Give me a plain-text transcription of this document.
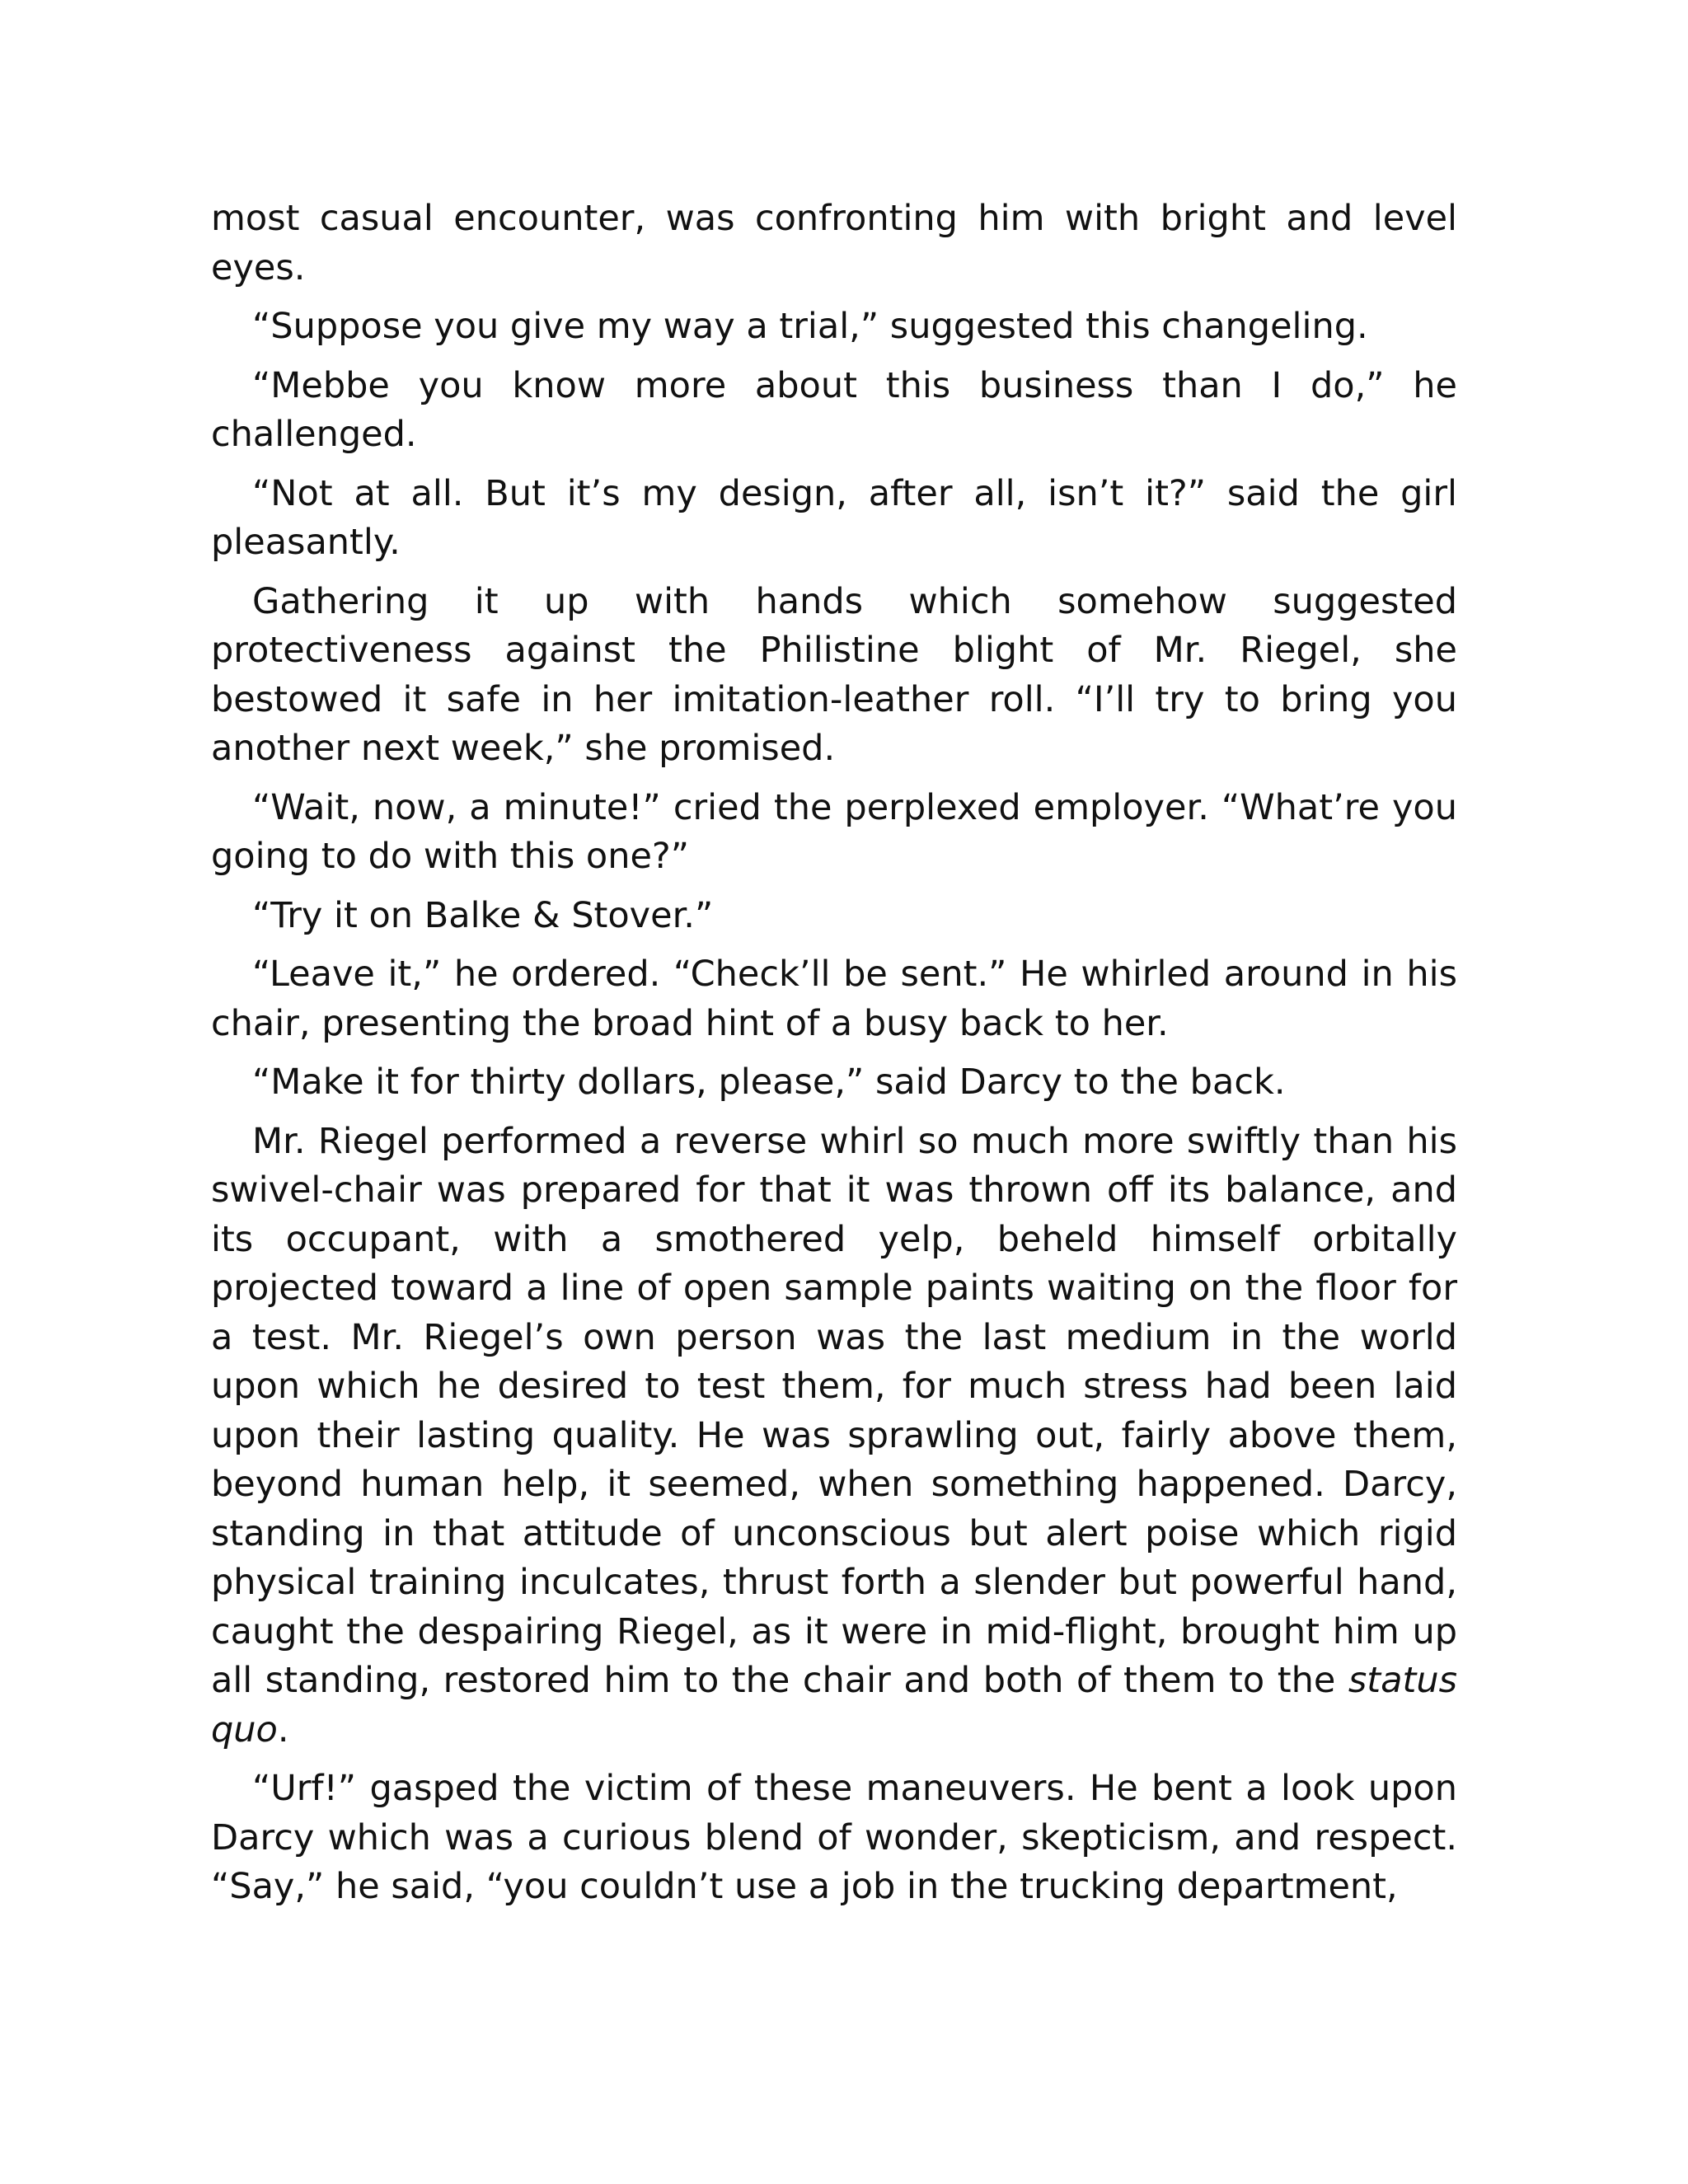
most casual encounter, was confronting him with bright and level eyes.

“Suppose you give my way a trial,” suggested this changeling.

“Mebbe you know more about this business than I do,” he challenged.

“Not at all. But it’s my design, after all, isn’t it?” said the girl pleasantly.

Gathering it up with hands which somehow suggested protectiveness against the Philistine blight of Mr. Riegel, she bestowed it safe in her imitation-leather roll. “I’ll try to bring you another next week,” she promised.

“Wait, now, a minute!” cried the perplexed employer. “What’re you going to do with this one?”

“Try it on Balke & Stover.”

“Leave it,” he ordered. “Check’ll be sent.” He whirled around in his chair, presenting the broad hint of a busy back to her.

“Make it for thirty dollars, please,” said Darcy to the back.

Mr. Riegel performed a reverse whirl so much more swiftly than his swivel-chair was prepared for that it was thrown off its balance, and its occupant, with a smothered yelp, beheld himself orbitally projected toward a line of open sample paints waiting on the floor for a test. Mr. Riegel’s own person was the last medium in the world upon which he desired to test them, for much stress had been laid upon their lasting quality. He was sprawling out, fairly above them, beyond human help, it seemed, when something happened. Darcy, standing in that attitude of unconscious but alert poise which rigid physical training inculcates, thrust forth a slender but powerful hand, caught the despairing Riegel, as it were in mid-flight, brought him up all standing, restored him to the chair and both of them to the status quo.

“Urf!” gasped the victim of these maneuvers. He bent a look upon Darcy which was a curious blend of wonder, skepticism, and respect. “Say,” he said, “you couldn’t use a job in the trucking department,
